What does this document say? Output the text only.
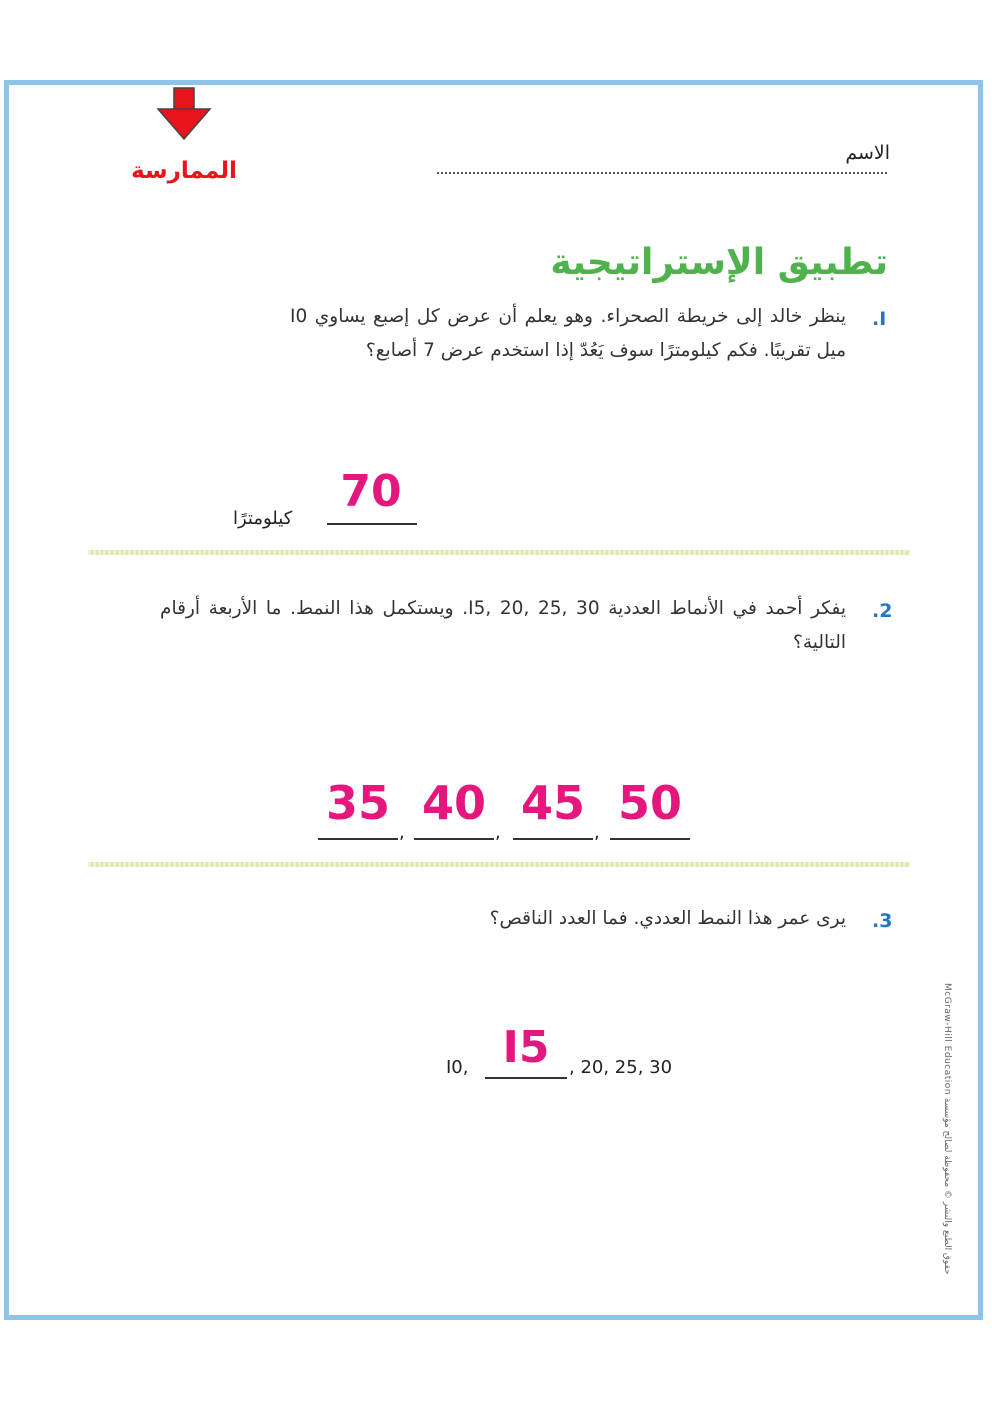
الممارسة
الاسم
تطبيق الإستراتيجية
.I
ينظر خالد إلى خريطة الصحراء. وهو يعلم أن عرض كل إصبع يساوي I0 ميل تقريبًا. فكم كيلومترًا سوف يَعُدّ إذا استخدم عرض 7 أصابع؟
70
كيلومترًا
.2
يفكر أحمد في الأنماط العددية 30 ,25 ,20 ,I5. ويستكمل هذا النمط. ما الأربعة أرقام التالية؟
35
,
40
,
45
,
50
.3
يرى عمر هذا النمط العددي. فما العدد الناقص؟
I0, I5	, 20, 25, 30	حقوق الطبع والنشر © محفوظة لصالح مؤسسة McGraw-Hill Education
